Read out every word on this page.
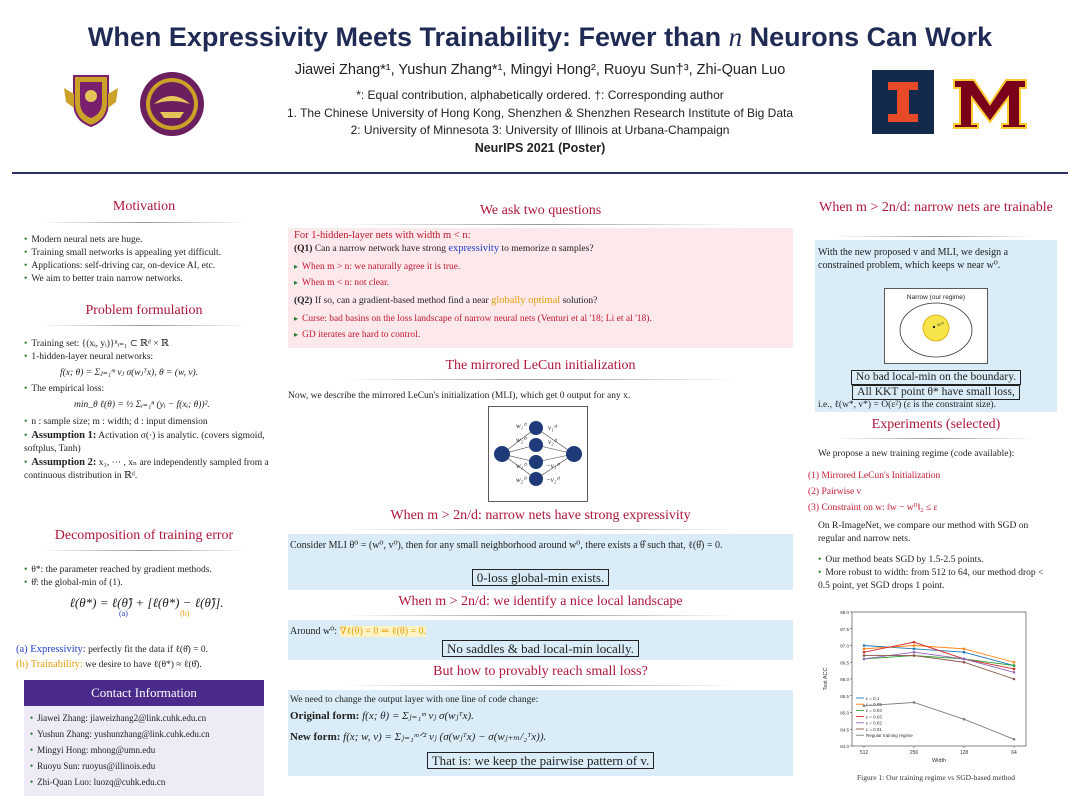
When Expressivity Meets Trainability: Fewer than n Neurons Can Work
Jiawei Zhang*¹, Yushun Zhang*¹, Mingyi Hong², Ruoyu Sun†³, Zhi-Quan Luo
*: Equal contribution, alphabetically ordered. †: Corresponding author
1. The Chinese University of Hong Kong, Shenzhen & Shenzhen Research Institute of Big Data
2: University of Minnesota 3: University of Illinois at Urbana-Champaign
NeurIPS 2021 (Poster)
Motivation
• Modern neural nets are huge.
• Training small networks is appealing yet difficult.
• Applications: self-driving car, on-device AI, etc.
• We aim to better train narrow networks.
Problem formulation
• Training set: {(xᵢ, yᵢ)}ⁿᵢ₌₁ ⊂ ℝᵈ × ℝ
• 1-hidden-layer neural networks:
f(x; θ) = Σⱼ₌₁ᵐ vⱼ σ(wⱼᵀx), θ = (w, v).
• The empirical loss:
min_θ ℓ(θ) = ½ Σᵢ₌₁ⁿ (yᵢ − f(xᵢ; θ))².
• n : sample size; m : width; d : input dimension
• Assumption 1: Activation σ(·) is analytic. (covers sigmoid, softplus, Tanh)
• Assumption 2: x₁, ⋯ , xₙ are independently sampled from a continuous distribution in ℝᵈ.
Decomposition of training error
• θ*: the parameter reached by gradient methods.
• θ̂: the global-min of (1).
ℓ(θ*) = ℓ(θ̂) + [ℓ(θ*) − ℓ(θ̂)].
(a)	(b)
(a) Expressivity: perfectly fit the data if ℓ(θ̂) = 0.
(b) Trainability: we desire to have ℓ(θ*) ≈ ℓ(θ̂).
Contact Information
• Jiawei Zhang: jiaweizhang2@link.cuhk.edu.cn
• Yushun Zhang: yushunzhang@link.cuhk.edu.cn
• Mingyi Hong: mhong@umn.edu
• Ruoyu Sun: ruoyus@illinois.edu
• Zhi-Quan Luo: luozq@cuhk.edu.cn
We ask two questions
For 1-hidden-layer nets with width m < n:
(Q1) Can a narrow network have strong expressivity to memorize n samples?
▸ When m > n: we naturally agree it is true.
▸ When m < n: not clear.
(Q2) If so, can a gradient-based method find a near globally optimal solution?
▸ Curse: bad basins on the loss landscape of narrow neural nets (Venturi et al '18; Li et al '18).
▸ GD iterates are hard to control.
The mirrored LeCun initialization
Now, we describe the mirrored LeCun's initialization (MLI), which get 0 output for any x.
w₁⁰
w₂⁰
w₁⁰
w₂⁰
v₁⁰
v₂⁰
−v₁⁰
−v₂⁰
When m > 2n/d: narrow nets have strong expressivity
Consider MLI θ⁰ = (w⁰, v⁰), then for any small neighborhood around w⁰, there exists a θ̂ such that, ℓ(θ̂) = 0.
0-loss global-min exists.
When m > 2n/d: we identify a nice local landscape
Around w⁰: ∇ℓ(θ) = 0 ⇒ ℓ(θ) = 0.
No saddles & bad local-min locally.
But how to provably reach small loss?
We need to change the output layer with one line of code change:
Original form: f(x; θ) = Σⱼ₌₁ᵐ vⱼ σ(wⱼᵀx).
New form: f(x; w, v) = Σⱼ₌₁ᵐᐟ² vⱼ (σ(wⱼᵀx) − σ(wⱼ₊ₘ/₂ᵀx)).
That is: we keep the pairwise pattern of v.
When m > 2n/d: narrow nets are trainable
With the new proposed v and MLI, we design a constrained problem, which keeps w near w⁰.
Narrow (our regime)
w⁰
No bad local-min on the boundary.
All KKT point θ* have small loss,
i.e., ℓ(w*, v*) = O(ε²) (ε is the constraint size).
Experiments (selected)
We propose a new training regime (code available):
(1) Mirrored LeCun's Initialization
(2) Pairwise v
(3) Constraint on w: ‖w − w⁰‖₂ ≤ ε
On R-ImageNet, we compare our method with SGD on regular and narrow nets.
• Our method beats SGD by 1.5-2.5 points.
• More robust to width: from 512 to 64, our method drop < 0.5 point, yet SGD drops 1 point.
84.0
84.5
85.0
85.5
86.0
86.5
87.0
87.5
88.0
512	256	128	64
Width
Test ACC
ε = 0.1
ε = 0.05
ε = 0.04
ε = 0.03
ε = 0.02
ε = 0.01
Regular training regime
Figure 1: Our training regime vs SGD-based method
